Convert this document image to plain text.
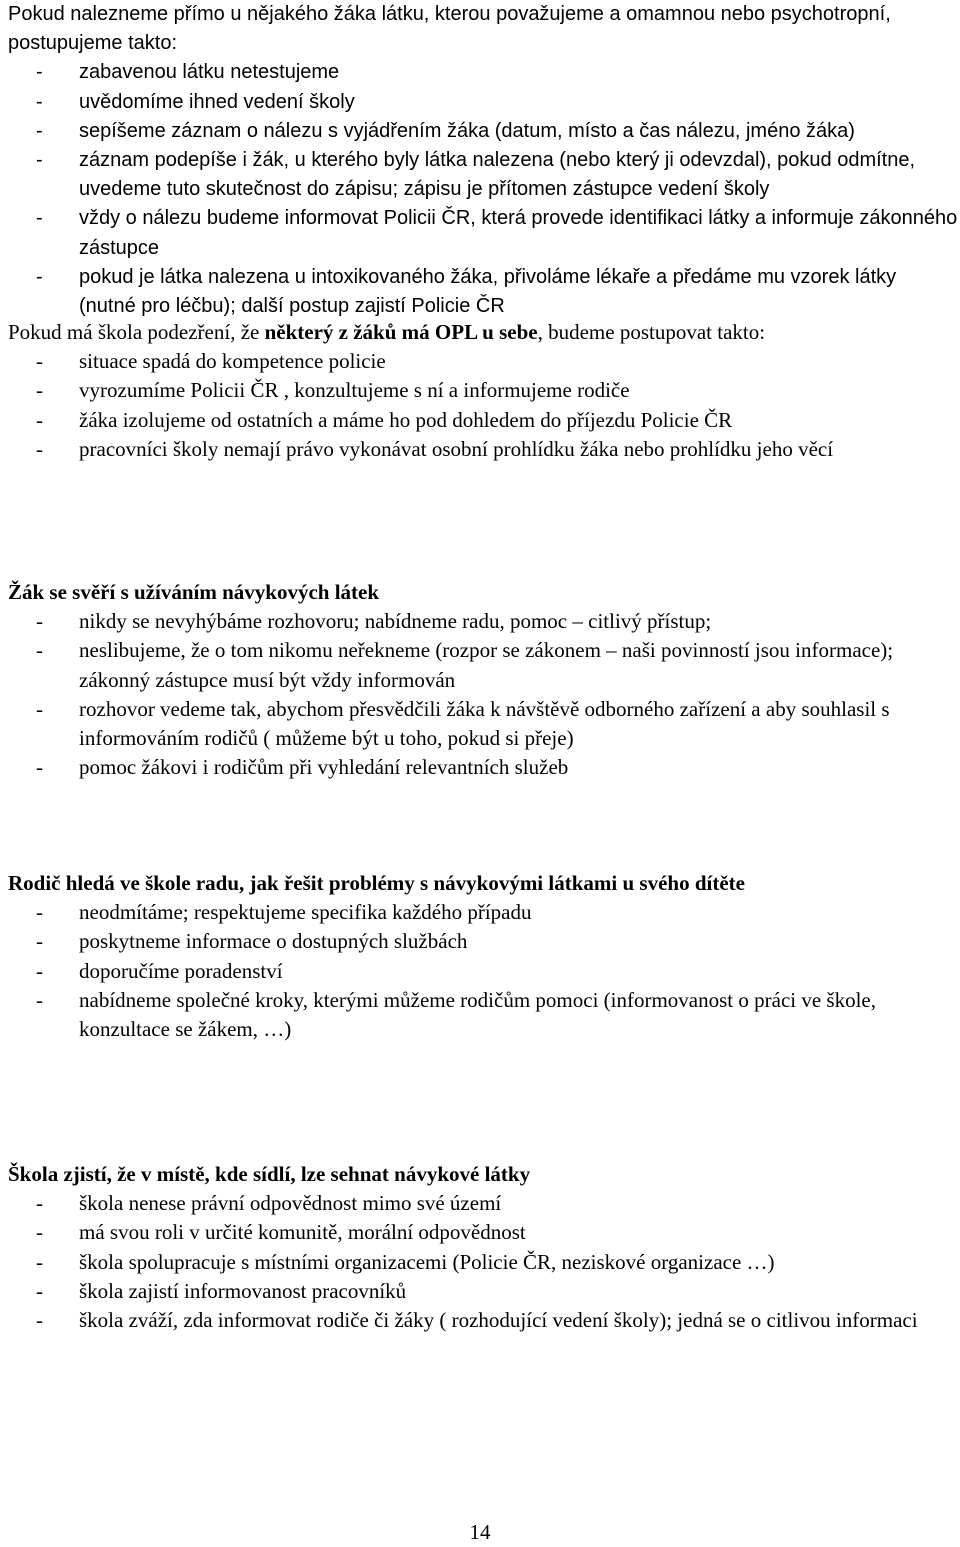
Pokud nalezneme přímo u nějakého žáka látku, kterou považujeme a omamnou nebo psychotropní, postupujeme takto:

- zabavenou látku netestujeme
- uvědomíme ihned vedení školy
- sepíšeme záznam o nálezu s vyjádřením žáka (datum, místo a čas nálezu, jméno žáka)
- záznam podepíše i žák, u kterého byly látka nalezena (nebo který ji odevzdal), pokud odmítne, uvedeme tuto skutečnost do zápisu; zápisu je přítomen zástupce vedení školy
- vždy o nálezu budeme informovat Policii ČR, která provede identifikaci látky a informuje zákonného zástupce
- pokud je látka nalezena u intoxikovaného žáka, přivoláme lékaře a předáme mu vzorek látky (nutné pro léčbu); další postup zajistí Policie ČR

Pokud má škola podezření, že některý z žáků má OPL u sebe, budeme postupovat takto:

- situace spadá do kompetence policie
- vyrozumíme Policii ČR , konzultujeme s ní a informujeme rodiče
- žáka izolujeme od ostatních a máme ho pod dohledem do příjezdu Policie ČR
- pracovníci školy nemají právo vykonávat osobní prohlídku žáka nebo prohlídku jeho věcí
Žák se svěří s užíváním návykových látek
- nikdy se nevyhýbáme rozhovoru; nabídneme radu, pomoc – citlivý přístup;
- neslibujeme, že o tom nikomu neřekneme (rozpor se zákonem – naši povinností jsou informace); zákonný zástupce musí být vždy informován
- rozhovor vedeme tak, abychom přesvědčili žáka k návštěvě odborného zařízení a aby souhlasil s informováním rodičů ( můžeme být u toho, pokud si přeje)
- pomoc žákovi i rodičům při vyhledání relevantních služeb
Rodič hledá ve škole radu, jak řešit problémy s návykovými látkami u svého dítěte
- neodmítáme; respektujeme specifika každého případu
- poskytneme informace o dostupných službách
- doporučíme poradenství
- nabídneme společné kroky, kterými můžeme rodičům pomoci (informovanost o práci ve škole, konzultace se žákem, …)
Škola zjistí, že v místě, kde sídlí, lze sehnat návykové látky
- škola nenese právní odpovědnost mimo své území
- má svou roli v určité komunitě, morální odpovědnost
- škola spolupracuje s místními organizacemi (Policie ČR, neziskové organizace …)
- škola zajistí informovanost pracovníků
- škola zváží, zda informovat rodiče či žáky ( rozhodující vedení školy); jedná se o citlivou informaci
14
